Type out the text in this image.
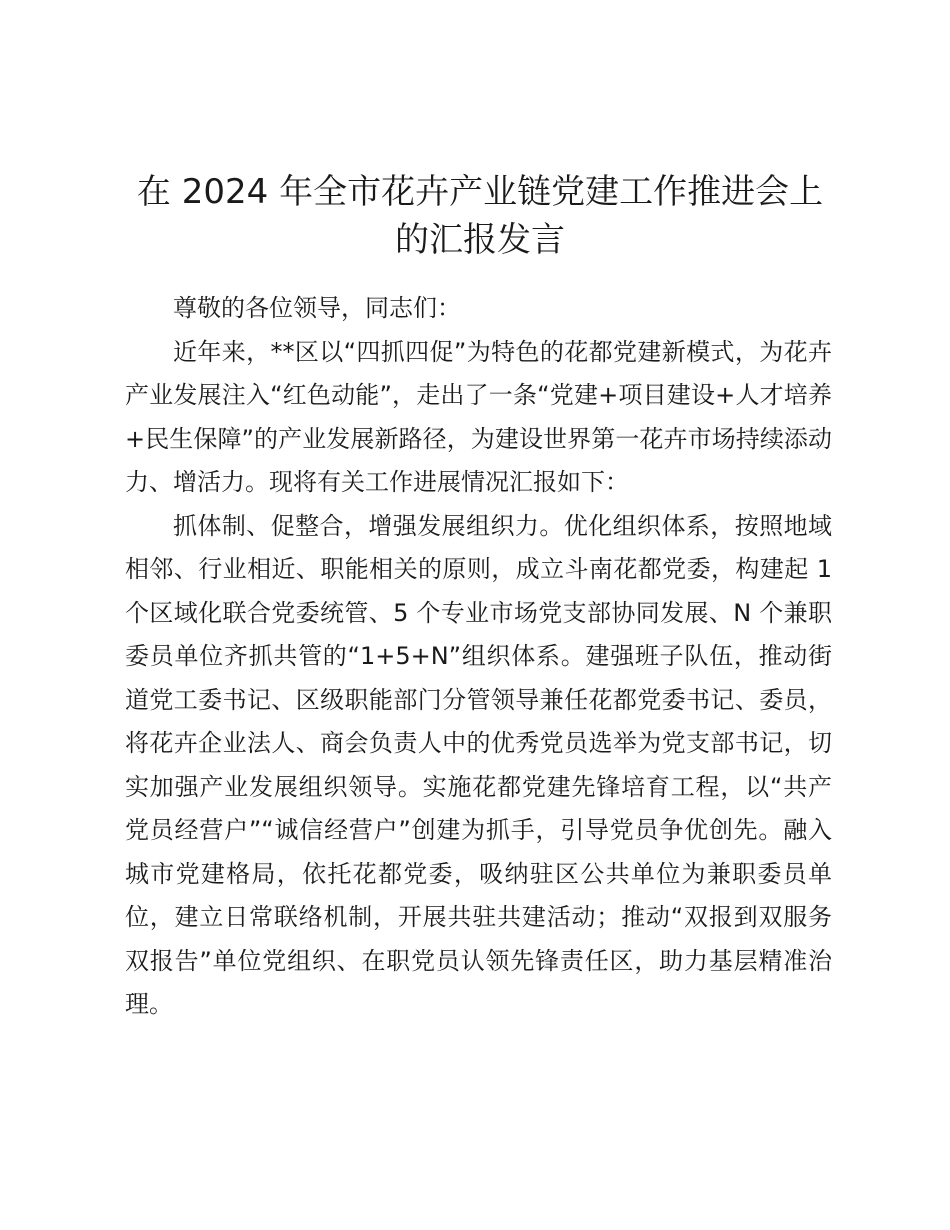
在 2024 年全市花卉产业链党建工作推进会上的汇报发言

尊敬的各位领导，同志们：

近年来，**区以“四抓四促”为特色的花都党建新模式，为花卉产业发展注入“红色动能”，走出了一条“党建+项目建设+人才培养+民生保障”的产业发展新路径，为建设世界第一花卉市场持续添动力、增活力。现将有关工作进展情况汇报如下：

抓体制、促整合，增强发展组织力。优化组织体系，按照地域相邻、行业相近、职能相关的原则，成立斗南花都党委，构建起 1 个区域化联合党委统管、5 个专业市场党支部协同发展、N 个兼职委员单位齐抓共管的“1+5+N”组织体系。建强班子队伍，推动街道党工委书记、区级职能部门分管领导兼任花都党委书记、委员，将花卉企业法人、商会负责人中的优秀党员选举为党支部书记，切实加强产业发展组织领导。实施花都党建先锋培育工程，以“共产党员经营户”“诚信经营户”创建为抓手，引导党员争优创先。融入城市党建格局，依托花都党委，吸纳驻区公共单位为兼职委员单位，建立日常联络机制，开展共驻共建活动；推动“双报到双服务双报告”单位党组织、在职党员认领先锋责任区，助力基层精准治理。
